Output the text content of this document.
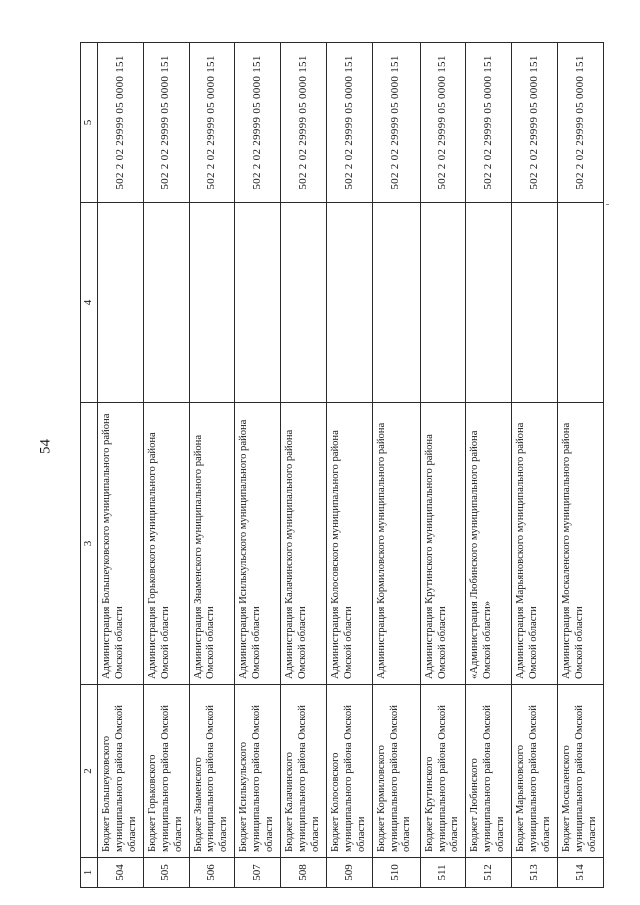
54
1	2	3	4	5
504	Бюджет Большеуковского муниципального района Омской области	Администрация Большеуковского муниципального района Омской области		502 2 02 29999 05 0000 151
505	Бюджет Горьковского муниципального района Омской области	Администрация Горьковского муниципального района Омской области		502 2 02 29999 05 0000 151
506	Бюджет Знаменского муниципального района Омской области	Администрация Знаменского муниципального района Омской области		502 2 02 29999 05 0000 151
507	Бюджет Исилькульского муниципального района Омской области	Администрация Исилькульского муниципального района Омской области		502 2 02 29999 05 0000 151
508	Бюджет Калачинского муниципального района Омской области	Администрация Калачинского муниципального района Омской области		502 2 02 29999 05 0000 151
509	Бюджет Колосовского муниципального района Омской области	Администрация Колосовского муниципального района Омской области		502 2 02 29999 05 0000 151
510	Бюджет Кормиловского муниципального района Омской области	Администрация Кормиловского муниципального района		502 2 02 29999 05 0000 151
511	Бюджет Крутинского муниципального района Омской области	Администрация Крутинского муниципального района Омской области		502 2 02 29999 05 0000 151
512	Бюджет Любинского муниципального района Омской области	«Администрация Любинского муниципального района Омской области»		502 2 02 29999 05 0000 151
513	Бюджет Марьяновского муниципального района Омской области	Администрация Марьяновского муниципального района Омской области		502 2 02 29999 05 0000 151
514	Бюджет Москаленского муниципального района Омской области	Администрация Москаленского муниципального района Омской области		502 2 02 29999 05 0000 151
